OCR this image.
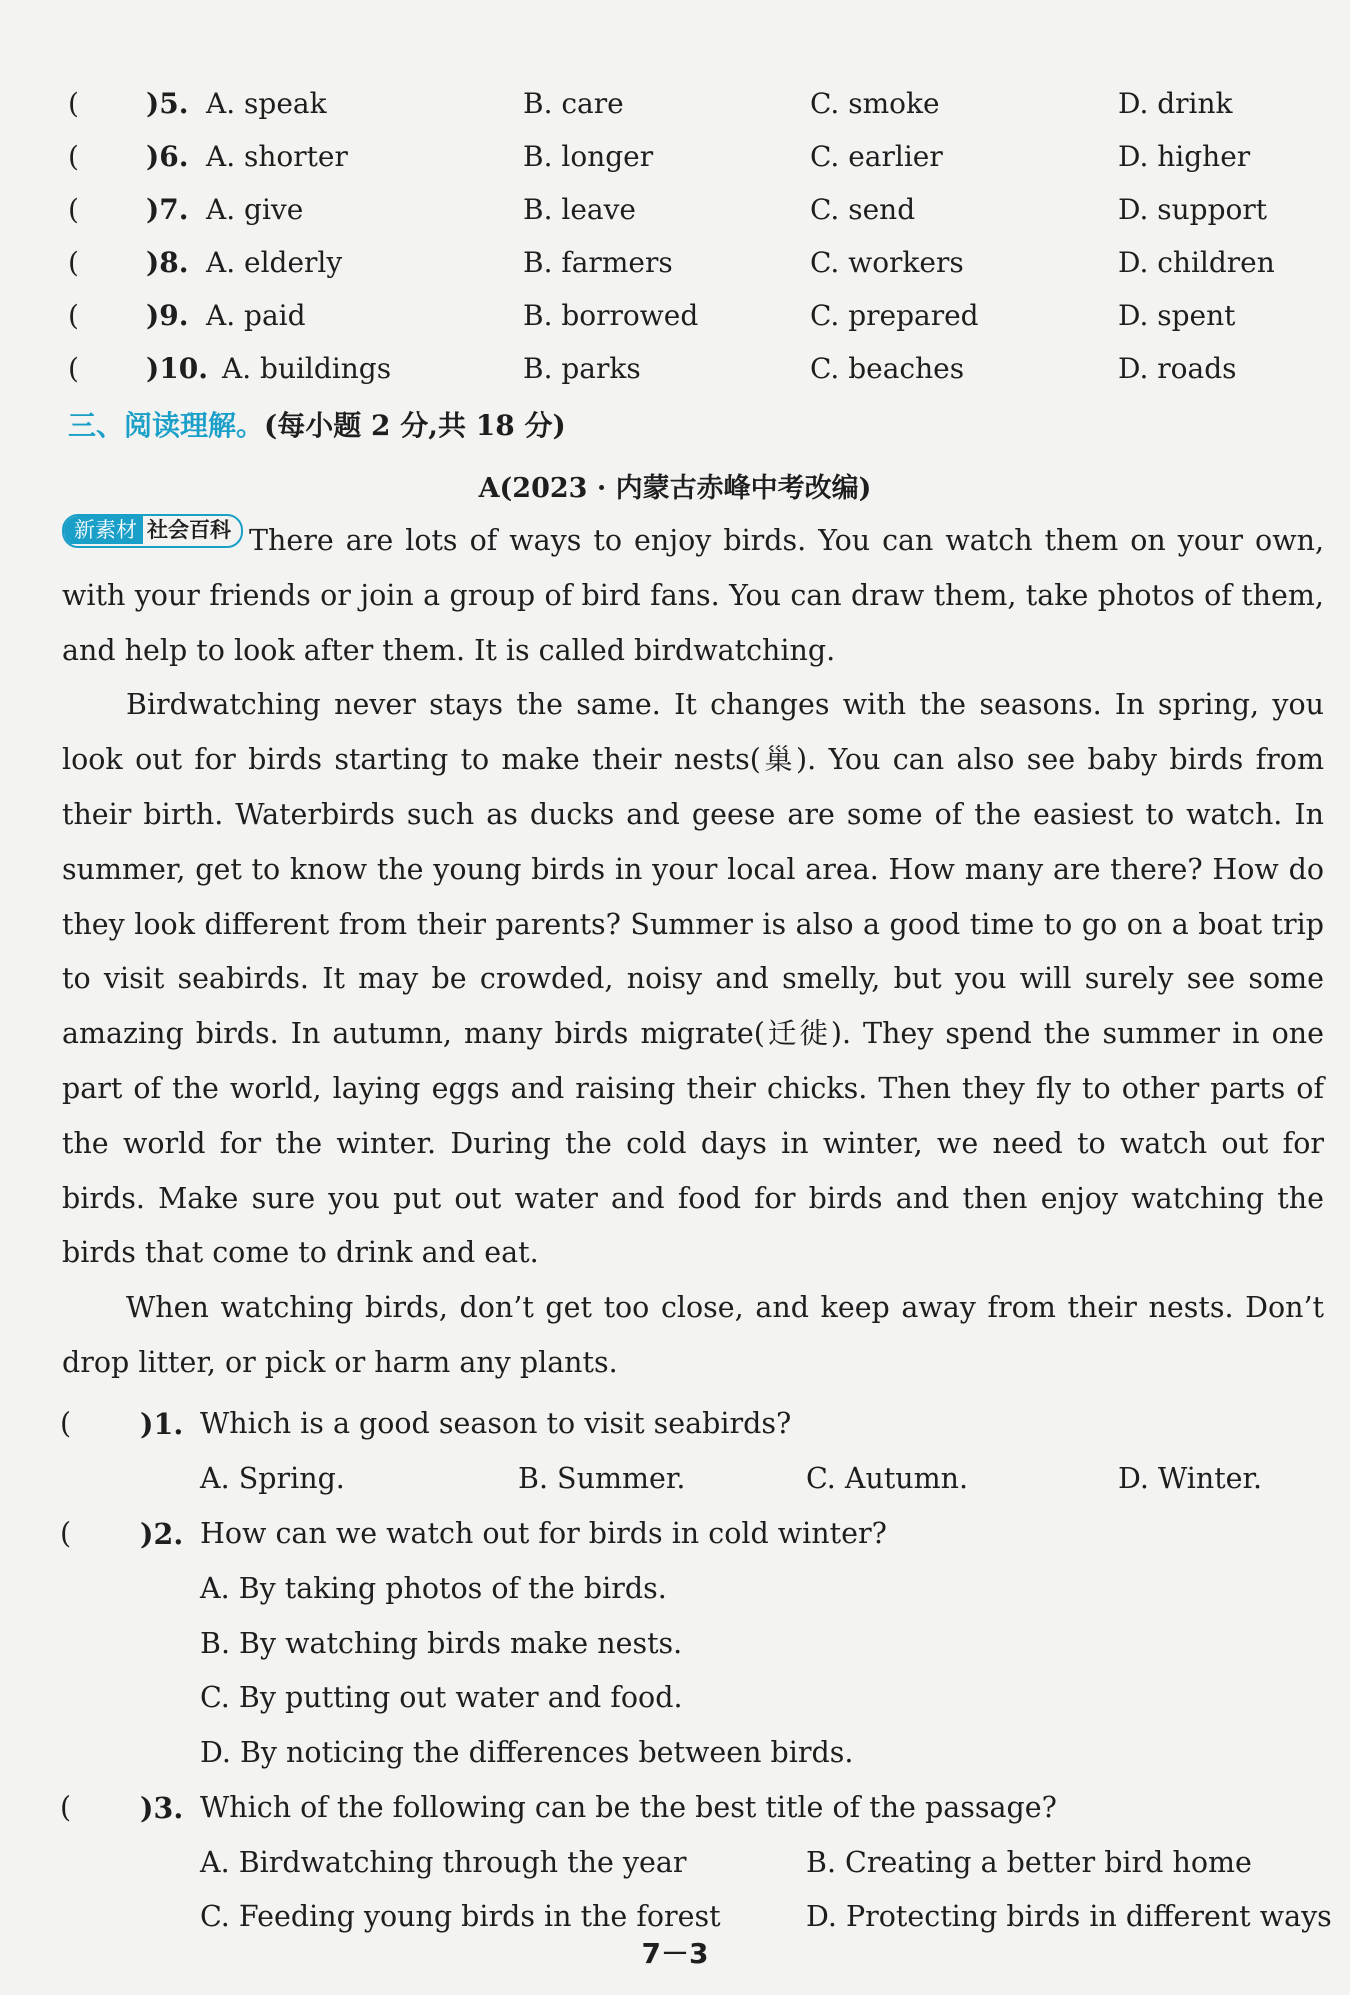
( )5. A. speak	B. care	C. smoke	D. drink
( )6. A. shorter	B. longer	C. earlier	D. higher
( )7. A. give	B. leave	C. send	D. support
( )8. A. elderly	B. farmers	C. workers	D. children
( )9. A. paid	B. borrowed	C. prepared	D. spent
( )10. A. buildings	B. parks	C. beaches	D. roads
三、阅读理解。(每小题 2 分,共 18 分)
A(2023 · 内蒙古赤峰中考改编)

新素材 社会百科 There are lots of ways to enjoy birds. You can watch them on your own, with your friends or join a group of bird fans. You can draw them, take photos of them, and help to look after them. It is called birdwatching.

Birdwatching never stays the same. It changes with the seasons. In spring, you look out for birds starting to make their nests(巢). You can also see baby birds from their birth. Waterbirds such as ducks and geese are some of the easiest to watch. In summer, get to know the young birds in your local area. How many are there? How do they look different from their parents? Summer is also a good time to go on a boat trip to visit seabirds. It may be crowded, noisy and smelly, but you will surely see some amazing birds. In autumn, many birds migrate(迁徙). They spend the summer in one part of the world, laying eggs and raising their chicks. Then they fly to other parts of the world for the winter. During the cold days in winter, we need to watch out for birds. Make sure you put out water and food for birds and then enjoy watching the birds that come to drink and eat.

When watching birds, don’t get too close, and keep away from their nests. Don’t drop litter, or pick or harm any plants.

( )1. Which is a good season to visit seabirds?
A. Spring.	B. Summer.	C. Autumn.	D. Winter.
( )2. How can we watch out for birds in cold winter?
A. By taking photos of the birds.
B. By watching birds make nests.
C. By putting out water and food.
D. By noticing the differences between birds.
( )3. Which of the following can be the best title of the passage?
A. Birdwatching through the year	B. Creating a better bird home
C. Feeding young birds in the forest	D. Protecting birds in different ways
7－3
